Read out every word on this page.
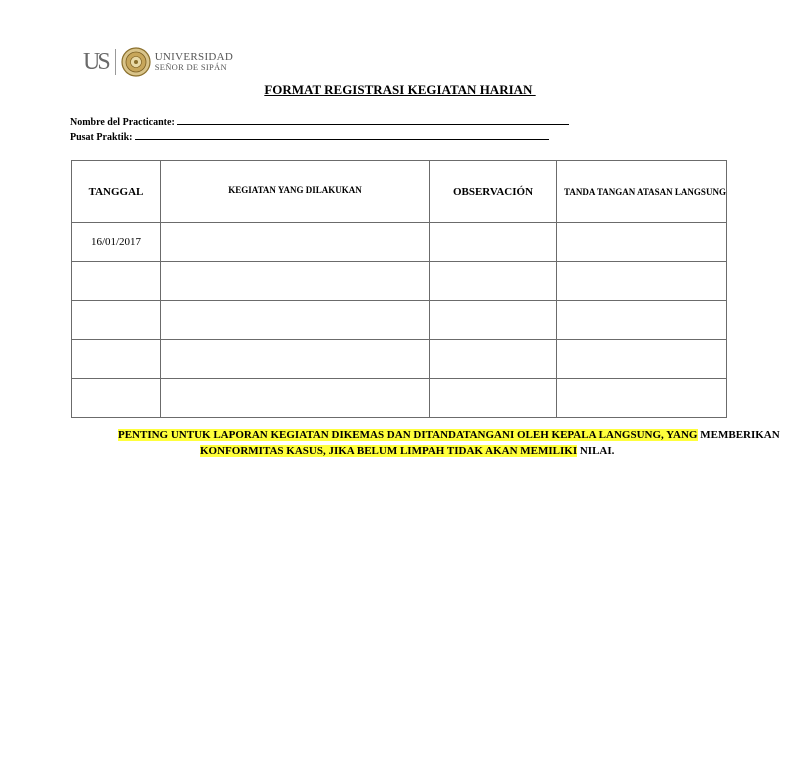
US	UNIVERSIDAD
SEÑOR DE SIPÁN
FORMAT REGISTRASI KEGIATAN HARIAN
Nombre del Practicante:
Pusat Praktik:
TANGGAL	KEGIATAN YANG DILAKUKAN	OBSERVACIÓN	TANDA TANGAN ATASAN LANGSUNG
16/01/2017			

PENTING UNTUK LAPORAN KEGIATAN DIKEMAS DAN DITANDATANGANI OLEH KEPALA LANGSUNG, YANG MEMBERIKAN
KONFORMITAS KASUS, JIKA BELUM LIMPAH TIDAK AKAN MEMILIKI NILAI.
